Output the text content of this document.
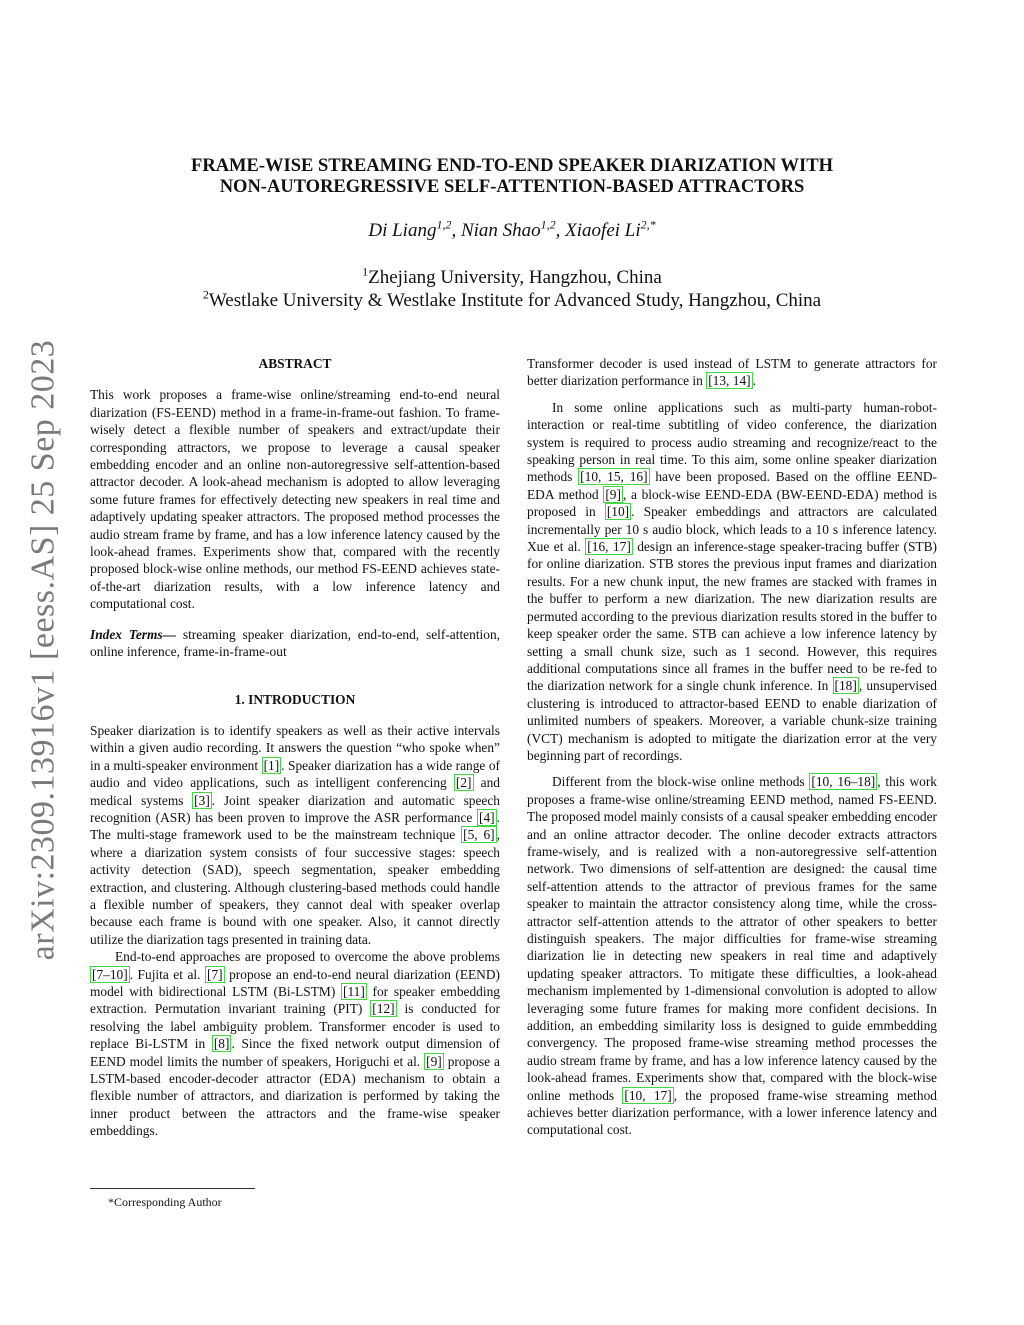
arXiv:2309.13916v1 [eess.AS] 25 Sep 2023
FRAME-WISE STREAMING END-TO-END SPEAKER DIARIZATION WITH
NON-AUTOREGRESSIVE SELF-ATTENTION-BASED ATTRACTORS
Di Liang$^{1,2}$, Nian Shao$^{1,2}$, Xiaofei $Li^{2,*}$
$^1$Zhejiang University, Hangzhou, China
$^2$Westlake University & Westlake Institute for Advanced Study, Hangzhou, China
ABSTRACT

This work proposes a frame-wise online/streaming end-to-end neural diarization (FS-EEND) method in a frame-in-frame-out fashion. To frame-wisely detect a flexible number of speakers and extract/update their corresponding attractors, we propose to leverage a causal speaker embedding encoder and an online non-autoregressive self-attention-based attractor decoder. A look-ahead mechanism is adopted to allow leveraging some future frames for effectively detecting new speakers in real time and adaptively updating speaker attractors. The proposed method processes the audio stream frame by frame, and has a low inference latency caused by the look-ahead frames. Experiments show that, compared with the recently proposed block-wise online methods, our method FS-EEND achieves state-of-the-art diarization results, with a low inference latency and computational cost.

Index Terms— streaming speaker diarization, end-to-end, self-attention, online inference, frame-in-frame-out

1. INTRODUCTION

Speaker diarization is to identify speakers as well as their active intervals within a given audio recording. It answers the question “who spoke when” in a multi-speaker environment [1] . Speaker diarization has a wide range of audio and video applications, such as intelligent conferencing [2] and medical systems [3] . Joint speaker diarization and automatic speech recognition (ASR) has been proven to improve the ASR performance [4] . The multi-stage framework used to be the mainstream technique [5, 6] , where a diarization system consists of four successive stages: speech activity detection (SAD), speech segmentation, speaker embedding extraction, and clustering. Although clustering-based methods could handle a flexible number of speakers, they cannot deal with speaker overlap because each frame is bound with one speaker. Also, it cannot directly utilize the diarization tags presented in training data.

End-to-end approaches are proposed to overcome the above problems [7–10] . Fujita et al. [7] propose an end-to-end neural diarization (EEND) model with bidirectional LSTM (Bi-LSTM) [11] for speaker embedding extraction. Permutation invariant training (PIT) [12] is conducted for resolving the label ambiguity problem. Transformer encoder is used to replace Bi-LSTM in [8] . Since the fixed network output dimension of EEND model limits the number of speakers, Horiguchi et al. [9] propose a LSTM-based encoder-decoder attractor (EDA) mechanism to obtain a flexible number of attractors, and diarization is performed by taking the inner product between the attractors and the frame-wise speaker embeddings.

Transformer decoder is used instead of LSTM to generate attractors for better diarization performance in [13, 14] .

In some online applications such as multi-party human-robot-interaction or real-time subtitling of video conference, the diarization system is required to process audio streaming and recognize/react to the speaking person in real time. To this aim, some online speaker diarization methods [10, 15, 16] have been proposed. Based on the offline EEND-EDA method [9] , a block-wise EEND-EDA (BW-EEND-EDA) method is proposed in [10] . Speaker embeddings and attractors are calculated incrementally per 10 s audio block, which leads to a 10 s inference latency. Xue et al. [16, 17] design an inference-stage speaker-tracing buffer (STB) for online diarization. STB stores the previous input frames and diarization results. For a new chunk input, the new frames are stacked with frames in the buffer to perform a new diarization. The new diarization results are permuted according to the previous diarization results stored in the buffer to keep speaker order the same. STB can achieve a low inference latency by setting a small chunk size, such as 1 second. However, this requires additional computations since all frames in the buffer need to be re-fed to the diarization network for a single chunk inference. In [18] , unsupervised clustering is introduced to attractor-based EEND to enable diarization of unlimited numbers of speakers. Moreover, a variable chunk-size training (VCT) mechanism is adopted to mitigate the diarization error at the very beginning part of recordings.

Different from the block-wise online methods [10, 16–18] , this work proposes a frame-wise online/streaming EEND method, named FS-EEND. The proposed model mainly consists of a causal speaker embedding encoder and an online attractor decoder. The online decoder extracts attractors frame-wisely, and is realized with a non-autoregressive self-attention network. Two dimensions of self-attention are designed: the causal time self-attention attends to the attractor of previous frames for the same speaker to maintain the attractor consistency along time, while the cross-attractor self-attention attends to the attrator of other speakers to better distinguish speakers. The major difficulties for frame-wise streaming diarization lie in detecting new speakers in real time and adaptively updating speaker attractors. To mitigate these difficulties, a look-ahead mechanism implemented by 1-dimensional convolution is adopted to allow leveraging some future frames for making more confident decisions. In addition, an embedding similarity loss is designed to guide emmbedding convergency. The proposed frame-wise streaming method processes the audio stream frame by frame, and has a low inference latency caused by the look-ahead frames. Experiments show that, compared with the block-wise online methods [10, 17] , the proposed frame-wise streaming method achieves better diarization performance, with a lower inference latency and computational cost.

*Corresponding Author
